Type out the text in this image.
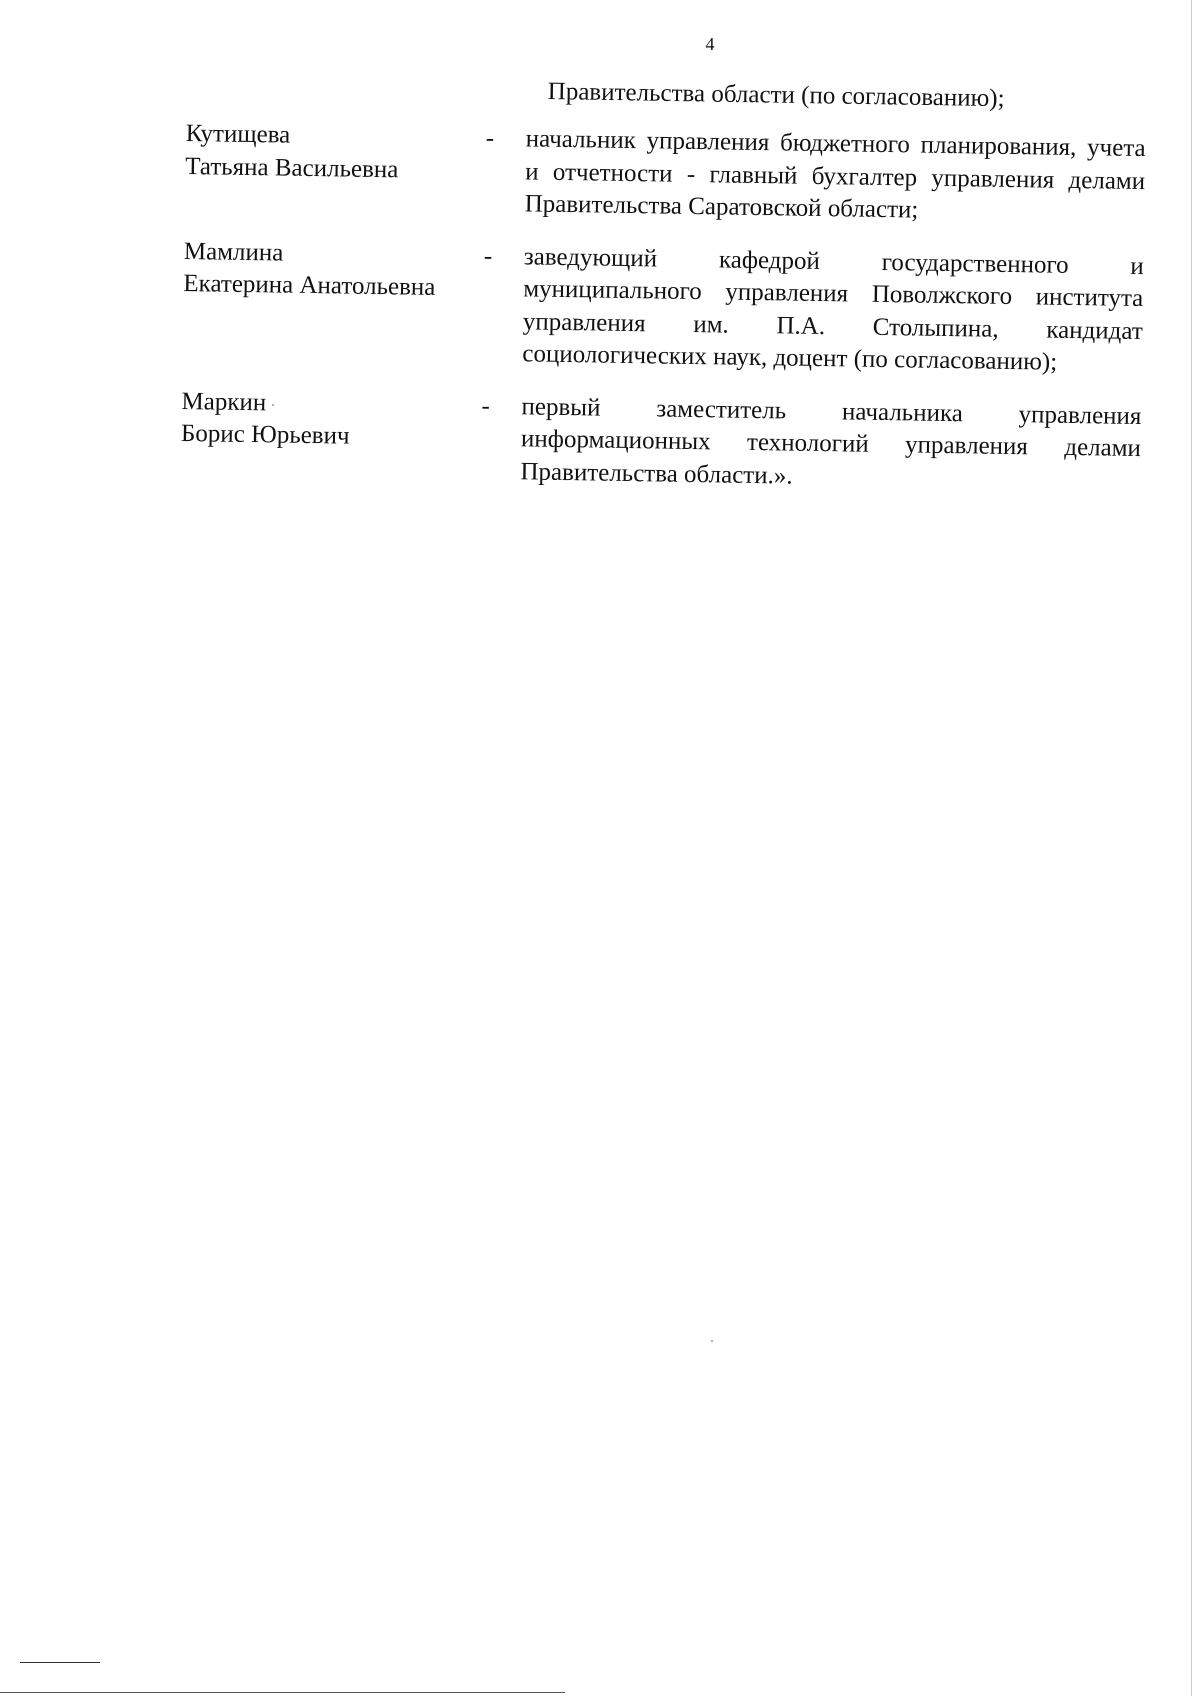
4
Правительства области (по согласованию);
Кутищева
Татьяна Васильевна
-	начальник управления бюджетного планирования, учета и отчетности - главный бухгалтер управления делами Правительства Саратовской области;
Мамлина
Екатерина Анатольевна
-	заведующий кафедрой государственного и муниципального управления Поволжского института управления им. П.А. Столыпина, кандидат социологических наук, доцент (по согласованию);
Маркин
Борис Юрьевич
-	первый заместитель начальника управления информационных технологий управления делами Правительства области.».
